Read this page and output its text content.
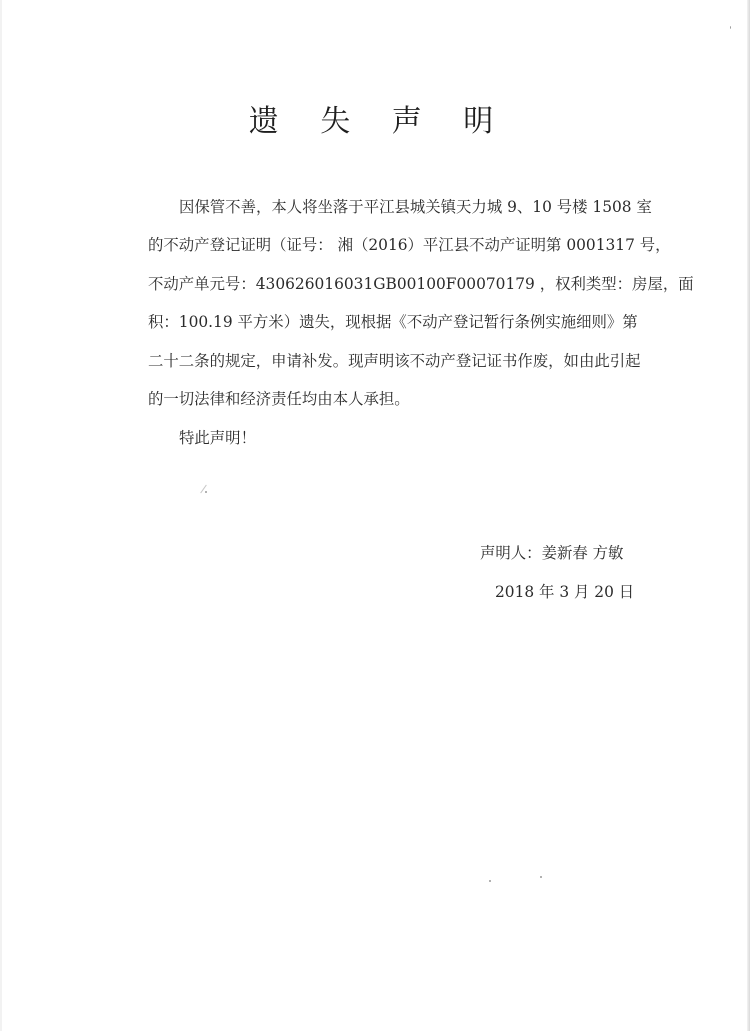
遗 失 声 明
因保管不善，本人将坐落于平江县城关镇天力城 9、10 号楼 1508 室
的不动产登记证明（证号： 湘（2016）平江县不动产证明第 0001317 号，
不动产单元号：430626016031GB00100F00070179 ，权利类型：房屋，面
积：100.19 平方米）遗失，现根据《不动产登记暂行条例实施细则》第
二十二条的规定，申请补发。现声明该不动产登记证书作废，如由此引起
的一切法律和经济责任均由本人承担。
特此声明！
声明人：姜新春 方敏
2018 年 3 月 20 日
